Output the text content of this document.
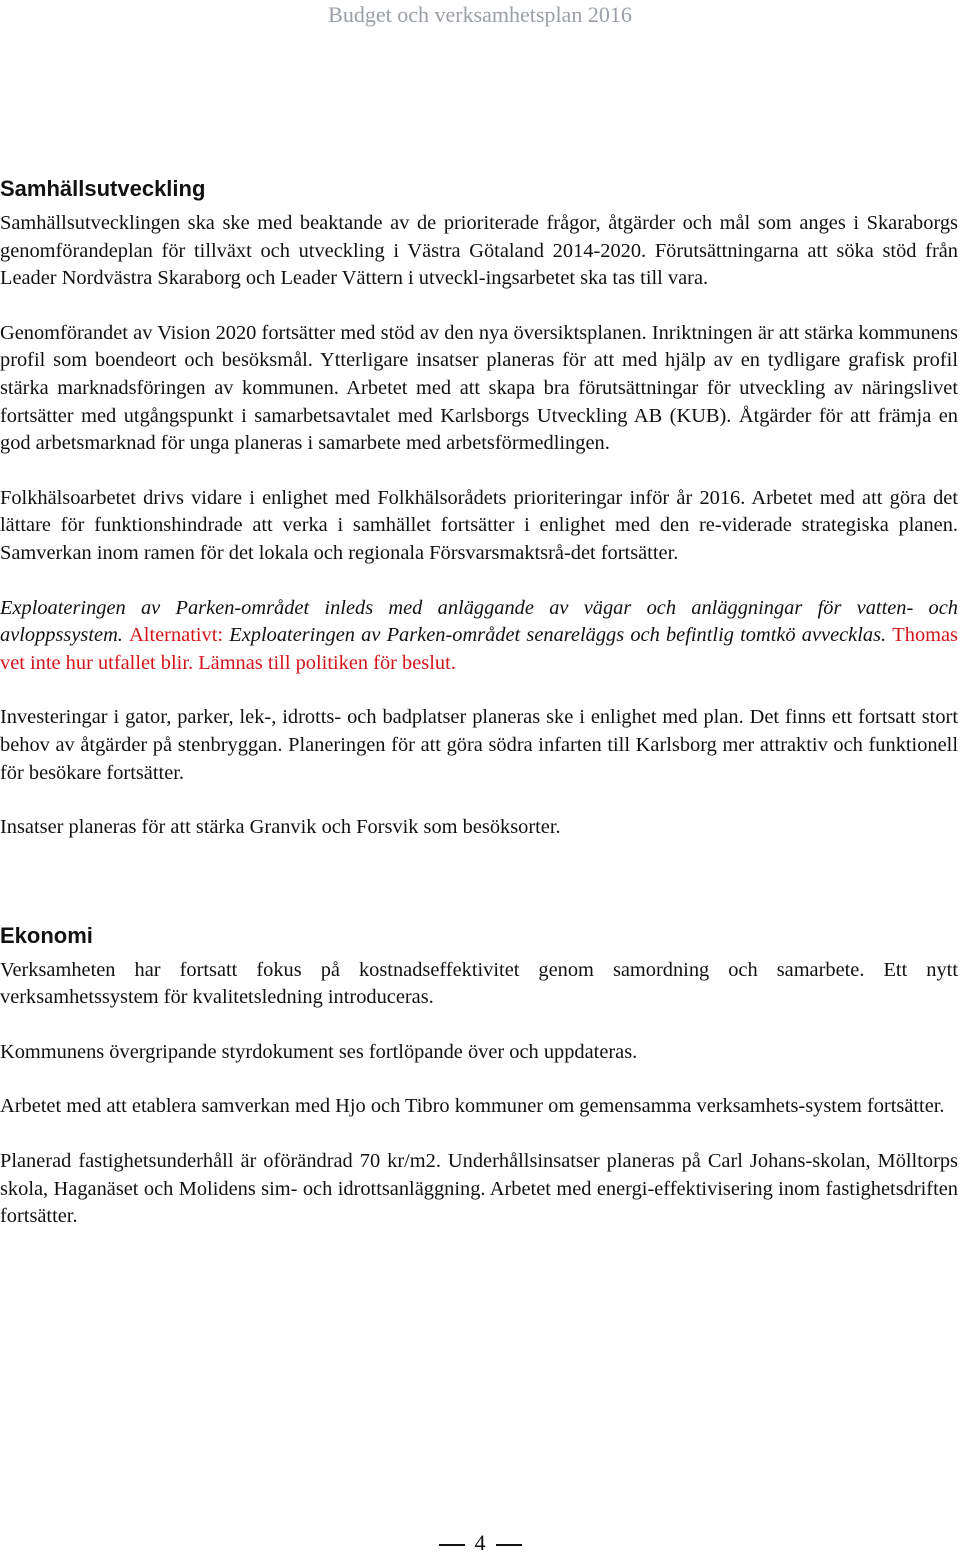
Budget och verksamhetsplan 2016
Samhällsutveckling

Samhällsutvecklingen ska ske med beaktande av de prioriterade frågor, åtgärder och mål som anges i Skaraborgs genomförandeplan för tillväxt och utveckling i Västra Götaland 2014-2020. Förutsättningarna att söka stöd från Leader Nordvästra Skaraborg och Leader Vättern i utveckl-ingsarbetet ska tas till vara.

Genomförandet av Vision 2020 fortsätter med stöd av den nya översiktsplanen. Inriktningen är att stärka kommunens profil som boendeort och besöksmål. Ytterligare insatser planeras för att med hjälp av en tydligare grafisk profil stärka marknadsföringen av kommunen. Arbetet med att skapa bra förutsättningar för utveckling av näringslivet fortsätter med utgångspunkt i samarbetsavtalet med Karlsborgs Utveckling AB (KUB). Åtgärder för att främja en god arbetsmarknad för unga planeras i samarbete med arbetsförmedlingen.

Folkhälsoarbetet drivs vidare i enlighet med Folkhälsorådets prioriteringar inför år 2016. Arbetet med att göra det lättare för funktionshindrade att verka i samhället fortsätter i enlighet med den re-viderade strategiska planen. Samverkan inom ramen för det lokala och regionala Försvarsmaktsrå-det fortsätter.

Exploateringen av Parken-området inleds med anläggande av vägar och anläggningar för vatten- och avloppssystem. Alternativt: Exploateringen av Parken-området senareläggs och befintlig tomtkö avvecklas. Thomas vet inte hur utfallet blir. Lämnas till politiken för beslut.

Investeringar i gator, parker, lek-, idrotts- och badplatser planeras ske i enlighet med plan. Det finns ett fortsatt stort behov av åtgärder på stenbryggan. Planeringen för att göra södra infarten till Karlsborg mer attraktiv och funktionell för besökare fortsätter.

Insatser planeras för att stärka Granvik och Forsvik som besöksorter.

Ekonomi

Verksamheten har fortsatt fokus på kostnadseffektivitet genom samordning och samarbete. Ett nytt verksamhetssystem för kvalitetsledning introduceras.

Kommunens övergripande styrdokument ses fortlöpande över och uppdateras.

Arbetet med att etablera samverkan med Hjo och Tibro kommuner om gemensamma verksamhets-system fortsätter.

Planerad fastighetsunderhåll är oförändrad 70 kr/m2. Underhållsinsatser planeras på Carl Johans-skolan, Mölltorps skola, Haganäset och Molidens sim- och idrottsanläggning. Arbetet med energi-effektivisering inom fastighetsdriften fortsätter.

4
